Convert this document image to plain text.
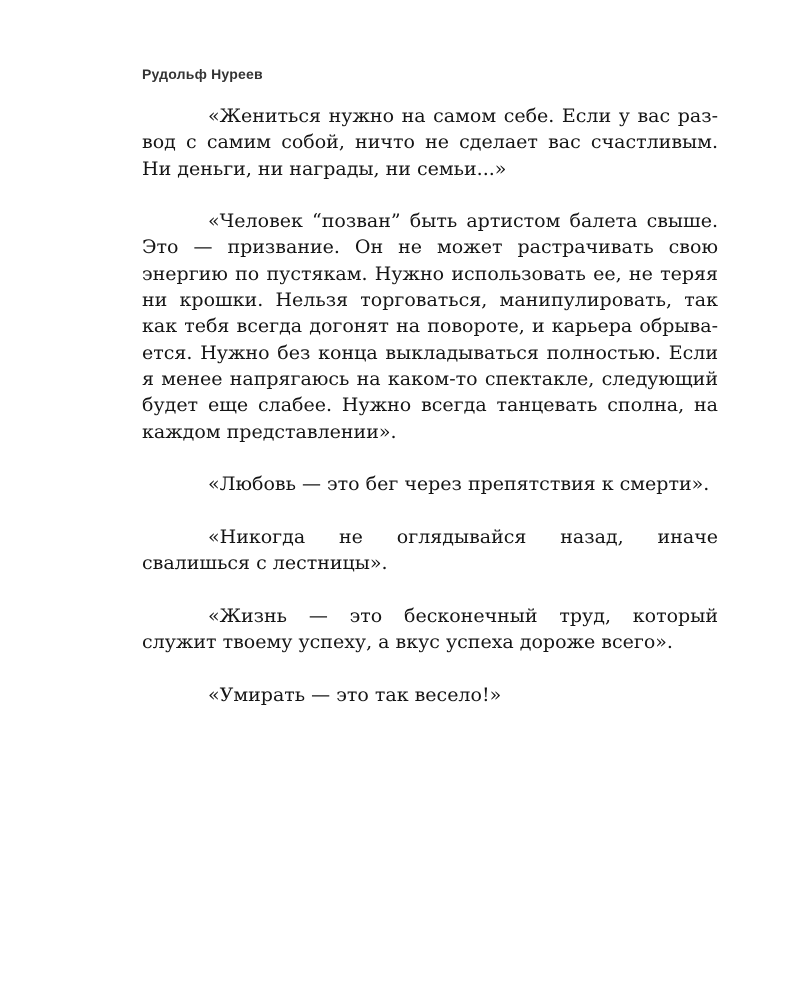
Рудольф Нуреев

«Жениться нужно на самом себе. Если у вас развод с самим собой, ничто не сделает вас счастливым. Ни деньги, ни награды, ни семьи...»

«Человек “позван” быть артистом балета свыше. Это — призвание. Он не может растрачивать свою энергию по пустякам. Нужно использовать ее, не теряя ни крошки. Нельзя торговаться, манипулировать, так как тебя всегда догонят на повороте, и карьера обрывается. Нужно без конца выкладываться полностью. Если я менее напрягаюсь на каком-то спектакле, следующий будет еще слабее. Нужно всегда танцевать сполна, на каждом представлении».

«Любовь — это бег через препятствия к смерти».

«Никогда не оглядывайся назад, иначе свалишься с лестницы».

«Жизнь — это бесконечный труд, который служит твоему успеху, а вкус успеха дороже всего».

«Умирать — это так весело!»
